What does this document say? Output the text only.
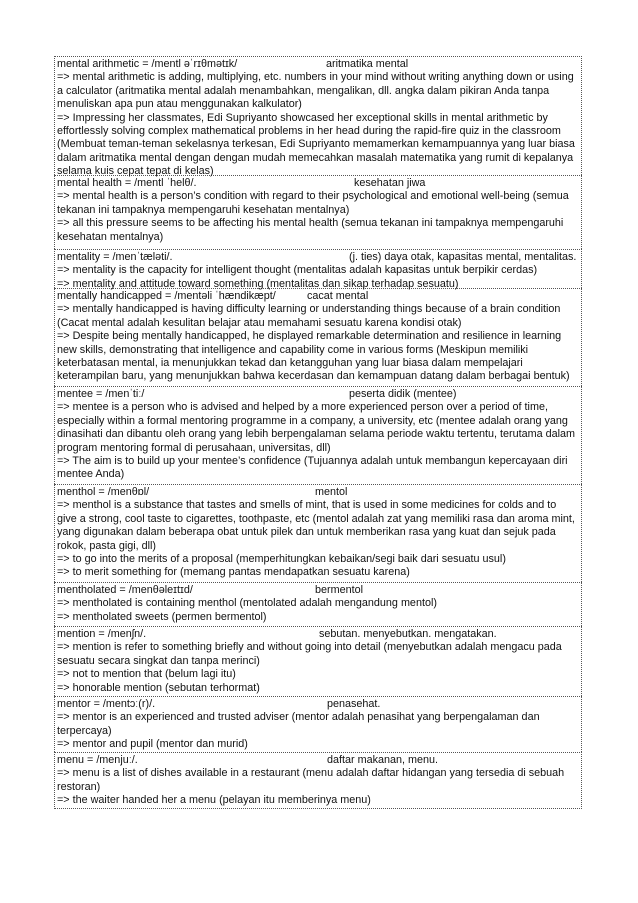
mental arithmetic = /mentl əˈrɪθmətɪk/	aritmatika mental
=> mental arithmetic is adding, multiplying, etc. numbers in your mind without writing anything down or using a calculator (aritmatika mental adalah menambahkan, mengalikan, dll. angka dalam pikiran Anda tanpa menuliskan apa pun atau menggunakan kalkulator)
=> Impressing her classmates, Edi Supriyanto showcased her exceptional skills in mental arithmetic by effortlessly solving complex mathematical problems in her head during the rapid-fire quiz in the classroom (Membuat teman-teman sekelasnya terkesan, Edi Supriyanto memamerkan kemampuannya yang luar biasa dalam aritmatika mental dengan dengan mudah memecahkan masalah matematika yang rumit di kepalanya selama kuis cepat tepat di kelas)
mental health = /mentl ˈhelθ/.	kesehatan jiwa
=> mental health is a person’s condition with regard to their psychological and emotional well-being (semua tekanan ini tampaknya mempengaruhi kesehatan mentalnya)
=> all this pressure seems to be affecting his mental health (semua tekanan ini tampaknya mempengaruhi kesehatan mentalnya)
mentality = /menˈtæləti/.	(j. ties) daya otak, kapasitas mental, mentalitas.
=> mentality is the capacity for intelligent thought (mentalitas adalah kapasitas untuk berpikir cerdas)
=> mentality and attitude toward something (mentalitas dan sikap terhadap sesuatu)
mentally handicapped = /mentəli ˈhændikæpt/	cacat mental
=> mentally handicapped is having difficulty learning or understanding things because of a brain condition (Cacat mental adalah kesulitan belajar atau memahami sesuatu karena kondisi otak)
=> Despite being mentally handicapped, he displayed remarkable determination and resilience in learning new skills, demonstrating that intelligence and capability come in various forms (Meskipun memiliki keterbatasan mental, ia menunjukkan tekad dan ketangguhan yang luar biasa dalam mempelajari keterampilan baru, yang menunjukkan bahwa kecerdasan dan kemampuan datang dalam berbagai bentuk)
mentee = /menˈtiː/	peserta didik (mentee)
=> mentee is a person who is advised and helped by a more experienced person over a period of time, especially within a formal mentoring programme in a company, a university, etc (mentee adalah orang yang dinasihati dan dibantu oleh orang yang lebih berpengalaman selama periode waktu tertentu, terutama dalam program mentoring formal di perusahaan, universitas, dll)
=> The aim is to build up your mentee’s confidence (Tujuannya adalah untuk membangun kepercayaan diri mentee Anda)
menthol = /menθɒl/	mentol
=> menthol is a substance that tastes and smells of mint, that is used in some medicines for colds and to give a strong, cool taste to cigarettes, toothpaste, etc (mentol adalah zat yang memiliki rasa dan aroma mint, yang digunakan dalam beberapa obat untuk pilek dan untuk memberikan rasa yang kuat dan sejuk pada rokok, pasta gigi, dll)
=> to go into the merits of a proposal (memperhitungkan kebaikan/segi baik dari sesuatu usul)
=> to merit something for (memang pantas mendapatkan sesuatu karena)
mentholated = /menθəleɪtɪd/	bermentol
=> mentholated is containing menthol (mentolated adalah mengandung mentol)
=> mentholated sweets (permen bermentol)
mention = /menʃn/.	sebutan. menyebutkan. mengatakan.
=> mention is refer to something briefly and without going into detail (menyebutkan adalah mengacu pada sesuatu secara singkat dan tanpa merinci)
=> not to mention that (belum lagi itu)
=> honorable mention (sebutan terhormat)
mentor = /mentɔː(r)/.	penasehat.
=> mentor is an experienced and trusted adviser (mentor adalah penasihat yang berpengalaman dan terpercaya)
=> mentor and pupil (mentor dan murid)
menu = /menjuː/.	daftar makanan, menu.
=> menu is a list of dishes available in a restaurant (menu adalah daftar hidangan yang tersedia di sebuah restoran)
=> the waiter handed her a menu (pelayan itu memberinya menu)
